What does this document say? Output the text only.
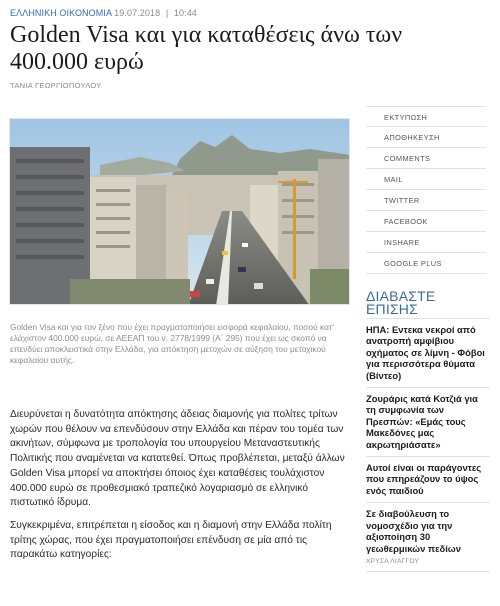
ΕΛΛΗΝΙΚΗ ΟΙΚΟΝΟΜΙΑ 19.07.2018 | 10:44
Golden Visa και για καταθέσεις άνω των
400.000 ευρώ
ΤΑΝΙΑ ΓΕΩΡΓΙΟΠΟΥΛΟΥ
Golden Visa και για τον ξένο που έχει πραγματοποιήσει εισφορά κεφαλαίου, ποσού κατ' ελάχιστον 400.000 ευρώ, σε ΑΕΕΑΠ του ν. 2778/1999 (Α΄ 295) που έχει ως σκοπό να επενδύει αποκλειστικά στην Ελλάδα, για απόκτηση μετοχών σε αύξηση του μετοχικού κεφαλαίου αυτής.

Διευρύνεται η δυνατότητα απόκτησης άδειας διαμονής για πολίτες τρίτων χωρών που θέλουν να επενδύσουν στην Ελλάδα και πέραν του τομέα των ακινήτων, σύμφωνα με τροπολογία του υπουργείου Μεταναστευτικής Πολιτικής που αναμένεται να κατατεθεί. Όπως προβλέπεται, μεταξύ άλλων Golden Visa μπορεί να αποκτήσει όποιος έχει καταθέσεις τουλάχιστον 400.000 ευρώ σε προθεσμιακό τραπεζικό λογαριασμό σε ελληνικό πιστωτικό ίδρυμα.

Συγκεκριμένα, επιτρέπεται η είσοδος και η διαμονή στην Ελλάδα πολίτη τρίτης χώρας, που έχει πραγματοποιήσει επένδυση σε μία από τις παρακάτω κατηγορίες:

ΕΚΤΥΠΩΣΗ
ΑΠΟΘΗΚΕΥΣΗ
COMMENTS
MAIL
TWITTER
FACEBOOK
INSHARE
GOOGLE PLUS
ΔΙΑΒΑΣΤΕ
ΕΠΙΣΗΣ
ΗΠΑ: Εντεκα νεκροί από ανατροπή αμφίβιου οχήματος σε λίμνη - Φόβοι για περισσότερα θύματα (Βίντεο)
Ζουράρις κατά Κοτζιά για τη συμφωνία των Πρεσπών: «Εμάς τους Μακεδόνες μας ακρωτηριάσατε»
Αυτοί είναι οι παράγοντες που επηρεάζουν το ύψος ενός παιδιού
Σε διαβούλευση το νομοσχέδιο για την αξιοποίηση 30 γεωθερμικών πεδίων
ΧΡΥΣΑ ΛΙΑΓΓΟΥ
